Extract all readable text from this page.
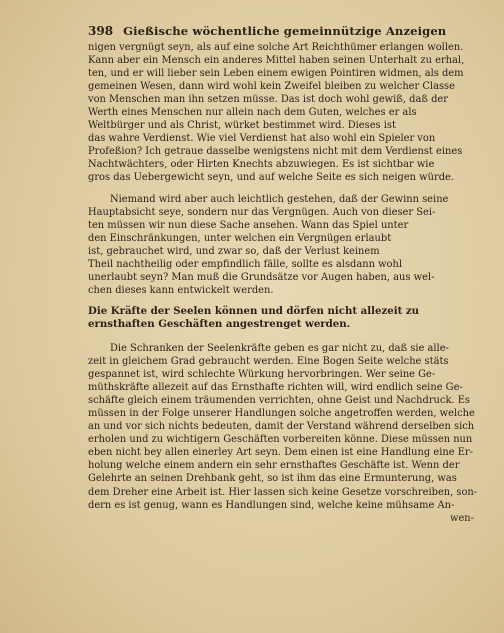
398 Gießische wöchentliche gemeinnützige Anzeigen
nigen vergnügt seyn, als auf eine solche Art Reichthümer erlangen wollen.
Kann aber ein Mensch ein anderes Mittel haben seinen Unterhalt zu erhal,
ten, und er will lieber sein Leben einem ewigen Pointiren widmen, als dem
gemeinen Wesen, dann wird wohl kein Zweifel bleiben zu welcher Classe
von Menschen man ihn setzen müsse. Das ist doch wohl gewiß, daß der
Werth eines Menschen nur allein nach dem Guten, welches er als
Weltbürger und als Christ, würket bestimmet wird. Dieses ist
das wahre Verdienst. Wie viel Verdienst hat also wohl ein Spieler von
Profeßion? Ich getraue dasselbe wenigstens nicht mit dem Verdienst eines
Nachtwächters, oder Hirten Knechts abzuwiegen. Es ist sichtbar wie
gros das Uebergewicht seyn, und auf welche Seite es sich neigen würde.
Niemand wird aber auch leichtlich gestehen, daß der Gewinn seine
Hauptabsicht seye, sondern nur das Vergnügen. Auch von dieser Sei-
ten müssen wir nun diese Sache ansehen. Wann das Spiel unter
den Einschränkungen, unter welchen ein Vergnügen erlaubt
ist, gebrauchet wird, und zwar so, daß der Verlust keinem
Theil nachtheilig oder empfindlich fälle, sollte es alsdann wohl
unerlaubt seyn? Man muß die Grundsätze vor Augen haben, aus wel-
chen dieses kann entwickelt werden.
Die Kräfte der Seelen können und dörfen nicht allezeit zu
ernsthaften Geschäften angestrenget werden.
Die Schranken der Seelenkräfte geben es gar nicht zu, daß sie alle-
zeit in gleichem Grad gebraucht werden. Eine Bogen Seite welche stäts
gespannet ist, wird schlechte Würkung hervorbringen. Wer seine Ge-
müthskräfte allezeit auf das Ernsthafte richten will, wird endlich seine Ge-
schäfte gleich einem träumenden verrichten, ohne Geist und Nachdruck. Es
müssen in der Folge unserer Handlungen solche angetroffen werden, welche
an und vor sich nichts bedeuten, damit der Verstand während derselben sich
erholen und zu wichtigern Geschäften vorbereiten könne. Diese müssen nun
eben nicht bey allen einerley Art seyn. Dem einen ist eine Handlung eine Er-
holung welche einem andern ein sehr ernsthaftes Geschäfte ist. Wenn der
Gelehrte an seinen Drehbank geht, so ist ihm das eine Ermunterung, was
dem Dreher eine Arbeit ist. Hier lassen sich keine Gesetze vorschreiben, son-
dern es ist genug, wann es Handlungen sind, welche keine mühsame An-
wen-
